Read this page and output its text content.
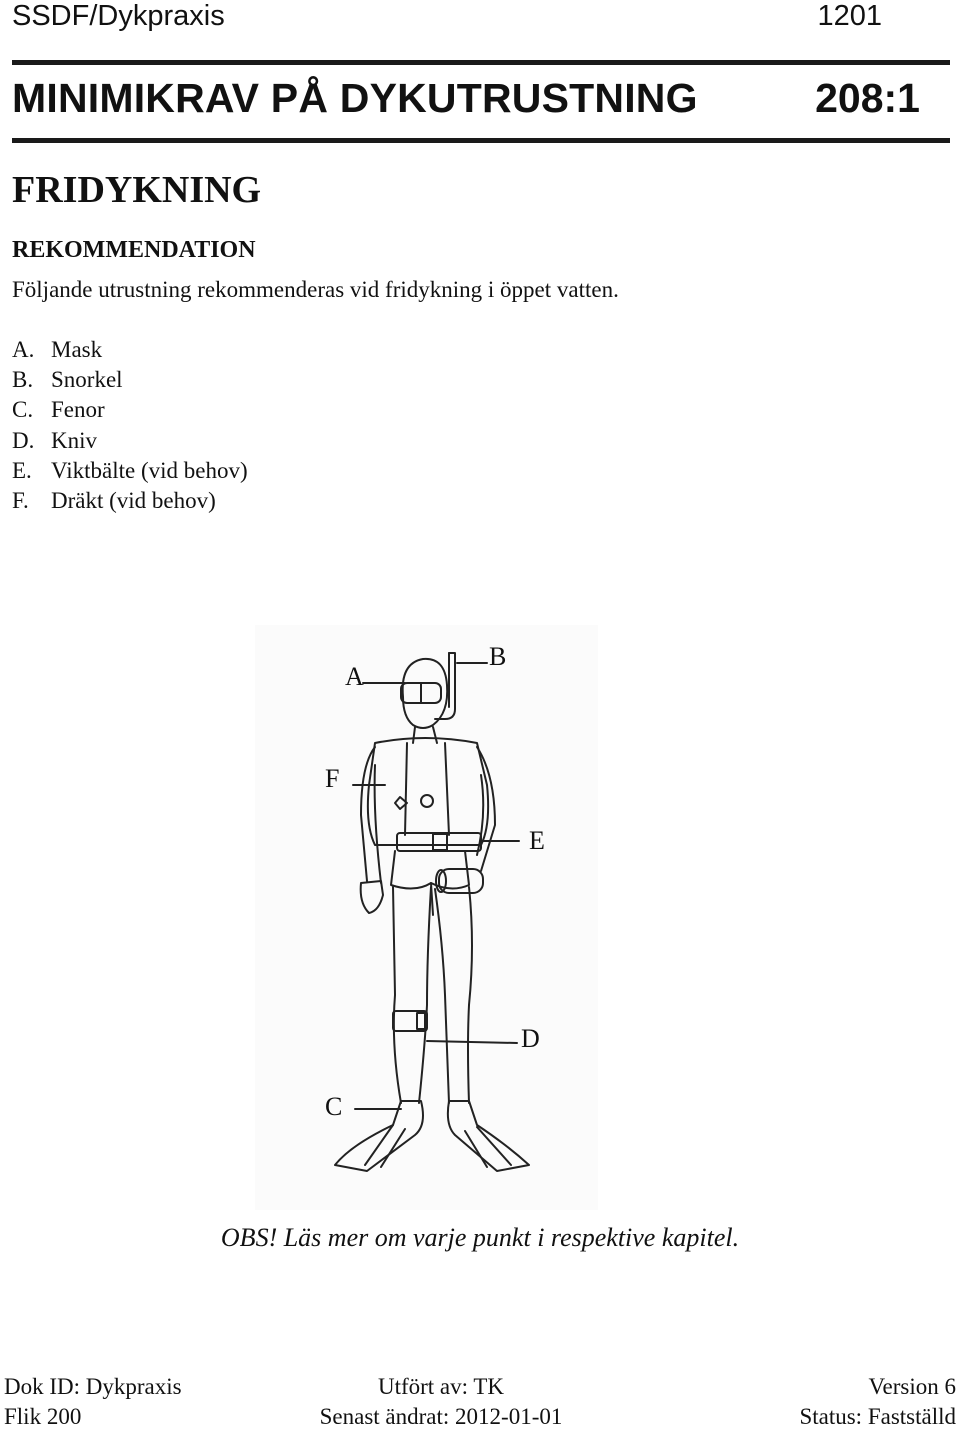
SSDF/Dykpraxis	1201
MINIMIKRAV PÅ DYKUTRUSTNING	208:1
FRIDYKNING
REKOMMENDATION
Följande utrustning rekommenderas vid fridykning i öppet vatten.
A. Mask
B. Snorkel
C. Fenor
D. Kniv
E. Viktbälte (vid behov)
F. Dräkt (vid behov)
A
B
F
E
D
C
OBS! Läs mer om varje punkt i respektive kapitel.
Dok ID: Dykpraxis
Flik 200
Utfört av: TK
Senast ändrat: 2012-01-01
Version 6
Status: Fastställd
